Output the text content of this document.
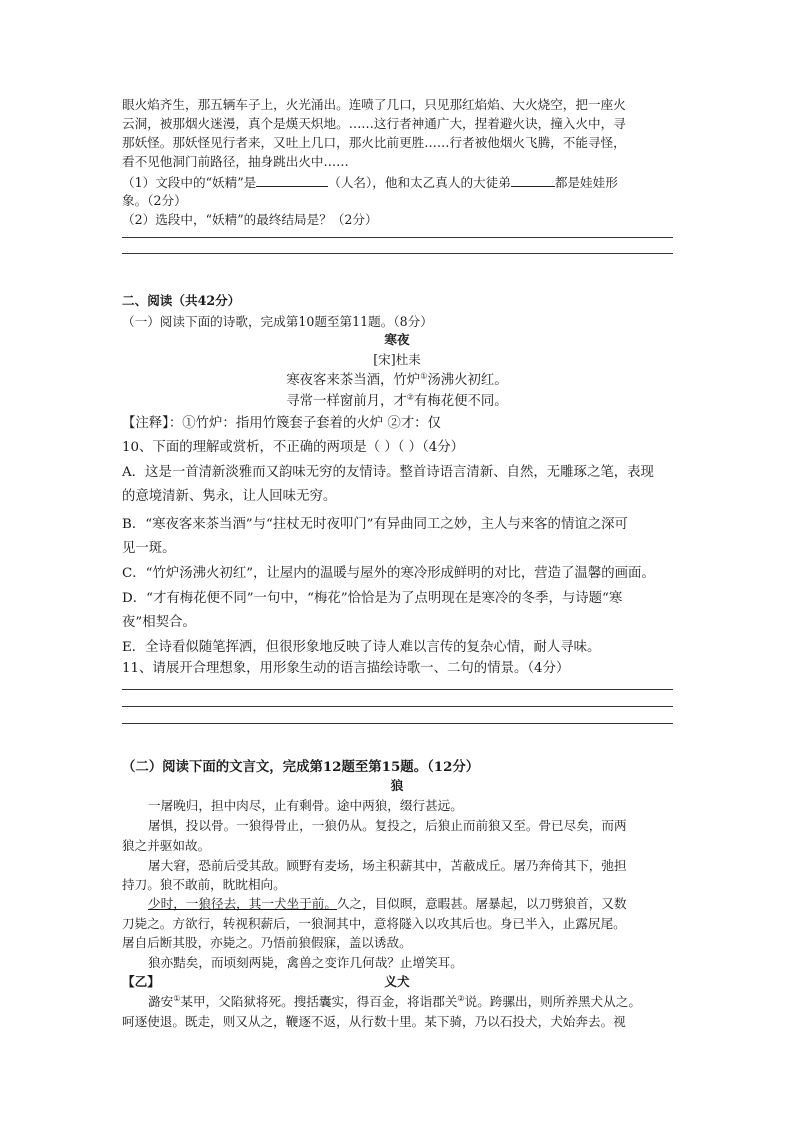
眼火焰齐生，那五辆车子上，火光涌出。连喷了几口，只见那红焰焰、大火烧空，把一座火
云洞，被那烟火迷漫，真个是熯天炽地。……这行者神通广大，捏着避火诀，撞入火中，寻
那妖怪。那妖怪见行者来，又吐上几口，那火比前更胜……行者被他烟火飞腾，不能寻怪，
看不见他洞门前路径，抽身跳出火中……
（1）文段中的“妖精”是	（人名），他和太乙真人的大徒弟	都是娃娃形
象。（2分）
（2）选段中，“妖精”的最终结局是？（2分）
二、阅读（共42分）
（一）阅读下面的诗歌，完成第10题至第11题。（8分）
寒夜
[宋]杜耒
寒夜客来茶当酒，竹炉①汤沸火初红。
寻常一样窗前月，才②有梅花便不同。
【注释】：①竹炉：指用竹篾套子套着的火炉 ②才：仅
10、下面的理解或赏析，不正确的两项是（ ）（ ）（4分）
A．这是一首清新淡雅而又韵味无穷的友情诗。整首诗语言清新、自然，无雕琢之笔，表现
的意境清新、隽永，让人回味无穷。
B．“寒夜客来茶当酒”与“拄杖无时夜叩门”有异曲同工之妙，主人与来客的情谊之深可
见一斑。
C．“竹炉汤沸火初红”，让屋内的温暖与屋外的寒冷形成鲜明的对比，营造了温馨的画面。
D．“才有梅花便不同”一句中，“梅花”恰恰是为了点明现在是寒冷的冬季，与诗题“寒
夜”相契合。
E．全诗看似随笔挥洒，但很形象地反映了诗人难以言传的复杂心情，耐人寻味。
11、请展开合理想象，用形象生动的语言描绘诗歌一、二句的情景。（4分）
（二）阅读下面的文言文，完成第12题至第15题。（12分）
狼
一屠晚归，担中肉尽，止有剩骨。途中两狼，缀行甚远。
屠惧，投以骨。一狼得骨止，一狼仍从。复投之，后狼止而前狼又至。骨已尽矣，而两
狼之并驱如故。
屠大窘，恐前后受其敌。顾野有麦场，场主积薪其中，苫蔽成丘。屠乃奔倚其下，弛担
持刀。狼不敢前，眈眈相向。
少时，一狼径去，其一犬坐于前。久之，目似暝，意暇甚。屠暴起，以刀劈狼首，又数
刀毙之。方欲行，转视积薪后，一狼洞其中，意将隧入以攻其后也。身已半入，止露尻尾。
屠自后断其股，亦毙之。乃悟前狼假寐，盖以诱敌。
狼亦黠矣，而顷刻两毙，禽兽之变诈几何哉？止增笑耳。
【乙】	义犬
潞安①某甲，父陷狱将死。搜括囊实，得百金，将诣郡关②说。跨骡出，则所养黑犬从之。
呵逐使退。既走，则又从之，鞭逐不返，从行数十里。某下骑，乃以石投犬，犬始奔去。视
